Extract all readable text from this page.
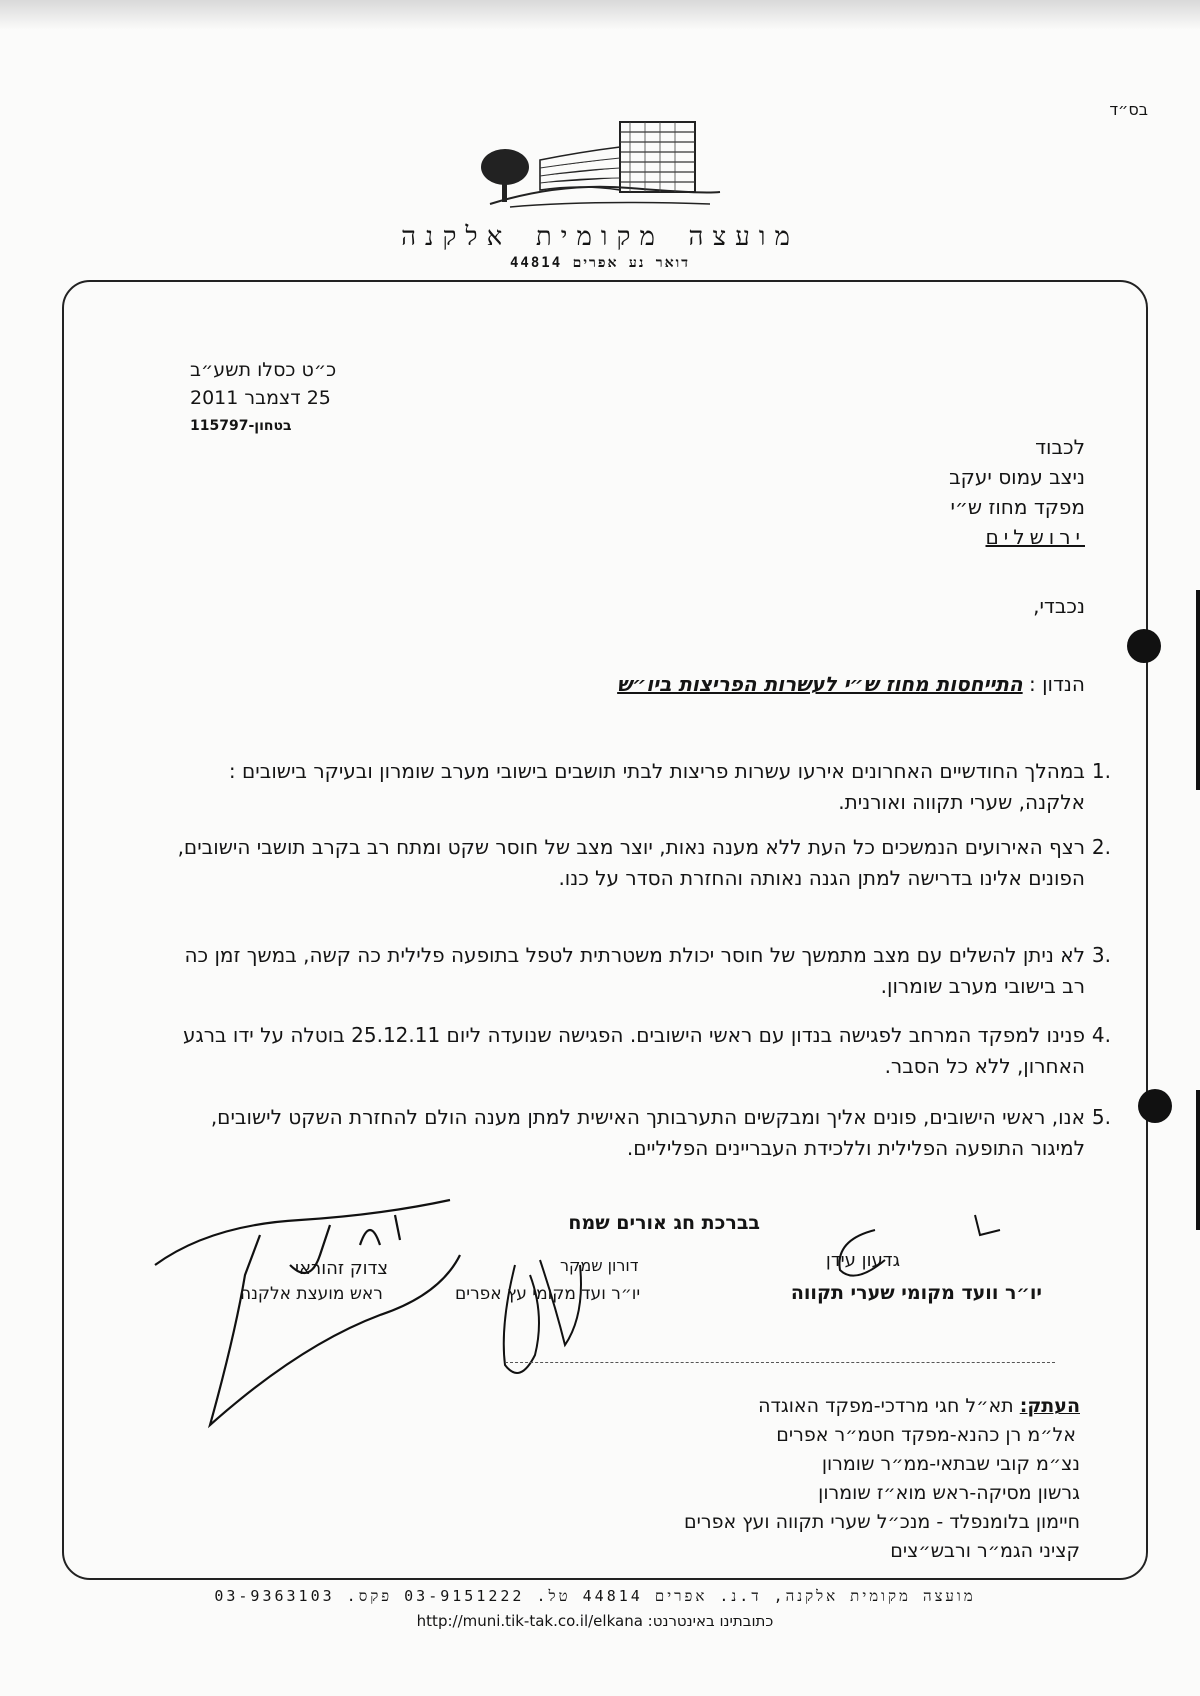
בס״ד
מועצה מקומית אלקנה
דואר נע אפרים 44814
כ״ט כסלו תשע״ב
25 דצמבר 2011
בטחון-115797
לכבוד
ניצב עמוס יעקב
מפקד מחוז ש״י
ירושלים
נכבדי,
הנדון : התייחסות מחוז ש״י לעשרות הפריצות ביו״ש
.1
במהלך החודשיים האחרונים אירעו עשרות פריצות לבתי תושבים בישובי מערב שומרון ובעיקר בישובים : אלקנה, שערי תקווה ואורנית.
.2
רצף האירועים הנמשכים כל העת ללא מענה נאות, יוצר מצב של חוסר שקט ומתח רב בקרב תושבי הישובים, הפונים אלינו בדרישה למתן הגנה נאותה והחזרת הסדר על כנו.
.3
לא ניתן להשלים עם מצב מתמשך של חוסר יכולת משטרתית לטפל בתופעה פלילית כה קשה, במשך זמן כה רב בישובי מערב שומרון.
.4
פנינו למפקד המרחב לפגישה בנדון עם ראשי הישובים. הפגישה שנועדה ליום 25.12.11 בוטלה על ידו ברגע האחרון, ללא כל הסבר.
.5
אנו, ראשי הישובים, פונים אליך ומבקשים התערבותך האישית למתן מענה הולם להחזרת השקט לישובים, למיגור התופעה הפלילית וללכידת העבריינים הפליליים.
בברכת חג אורים שמח
גדעון עידן
יו״ר וועד מקומי שערי תקווה
דורון שמקר
יו״ר ועד מקומי עץ אפרים
צדוק זהוראי
ראש מועצת אלקנה
העתק: תא״ל חגי מרדכי-מפקד האוגדה
אל״מ רן כהנא-מפקד חטמ״ר אפרים
נצ״מ קובי שבתאי-ממ״ר שומרון
גרשון מסיקה-ראש מוא״ז שומרון
חיימון בלומנפלד - מנכ״ל שערי תקווה ועץ אפרים
קציני הגמ״ר ורבש״צים
מועצה מקומית אלקנה, ד.נ. אפרים 44814 טל. 03-9151222 פקס. 03-9363103
כתובתינו באינטרנט: http://muni.tik-tak.co.il/elkana
